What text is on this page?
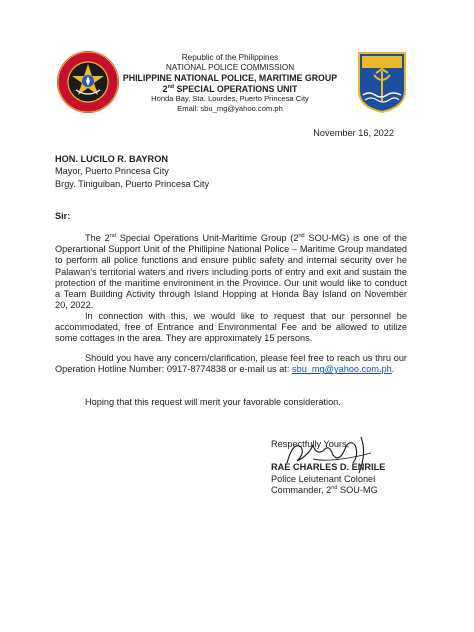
Republic of the Philippines
NATIONAL POLICE COMMISSION
PHILIPPINE NATIONAL POLICE, MARITIME GROUP
2nd SPECIAL OPERATIONS UNIT
Honda Bay, Sta. Lourdes, Puerto Princesa City
Email: sbu_mg@yahoo.com.ph
November 16, 2022
HON. LUCILO R. BAYRON
Mayor, Puerto Princesa City
Brgy. Tiniguiban, Puerto Princesa City
Sir:

The 2nd Special Operations Unit-Maritime Group (2nd SOU-MG) is one of the Operartional Support Unit of the Phillipine National Police – Maritime Group mandated to perform all police functions and ensure public safety and internal security over he Palawan’s territorial waters and rivers including ports of entry and exit and sustain the protection of the maritime environment in the Province. Our unit would like to conduct a Team Building Activity through Island Hopping at Honda Bay Island on November 20, 2022.

In connection with this, we would like to request that our personnel be accommodated, free of Entrance and Environmental Fee and be allowed to utilize some cottages in the area. They are approximately 15 persons.

Should you have any concern/clarification, please feel free to reach us thru our Operation Hotline Number: 0917-8774838 or e-mail us at: sbu_mg@yahoo.com.ph.

Hoping that this request will merit your favorable consideration.

Respectfully Yours,
RAE CHARLES D. ENRILE
Police Leiutenant Colonel
Commander, 2nd SOU-MG
